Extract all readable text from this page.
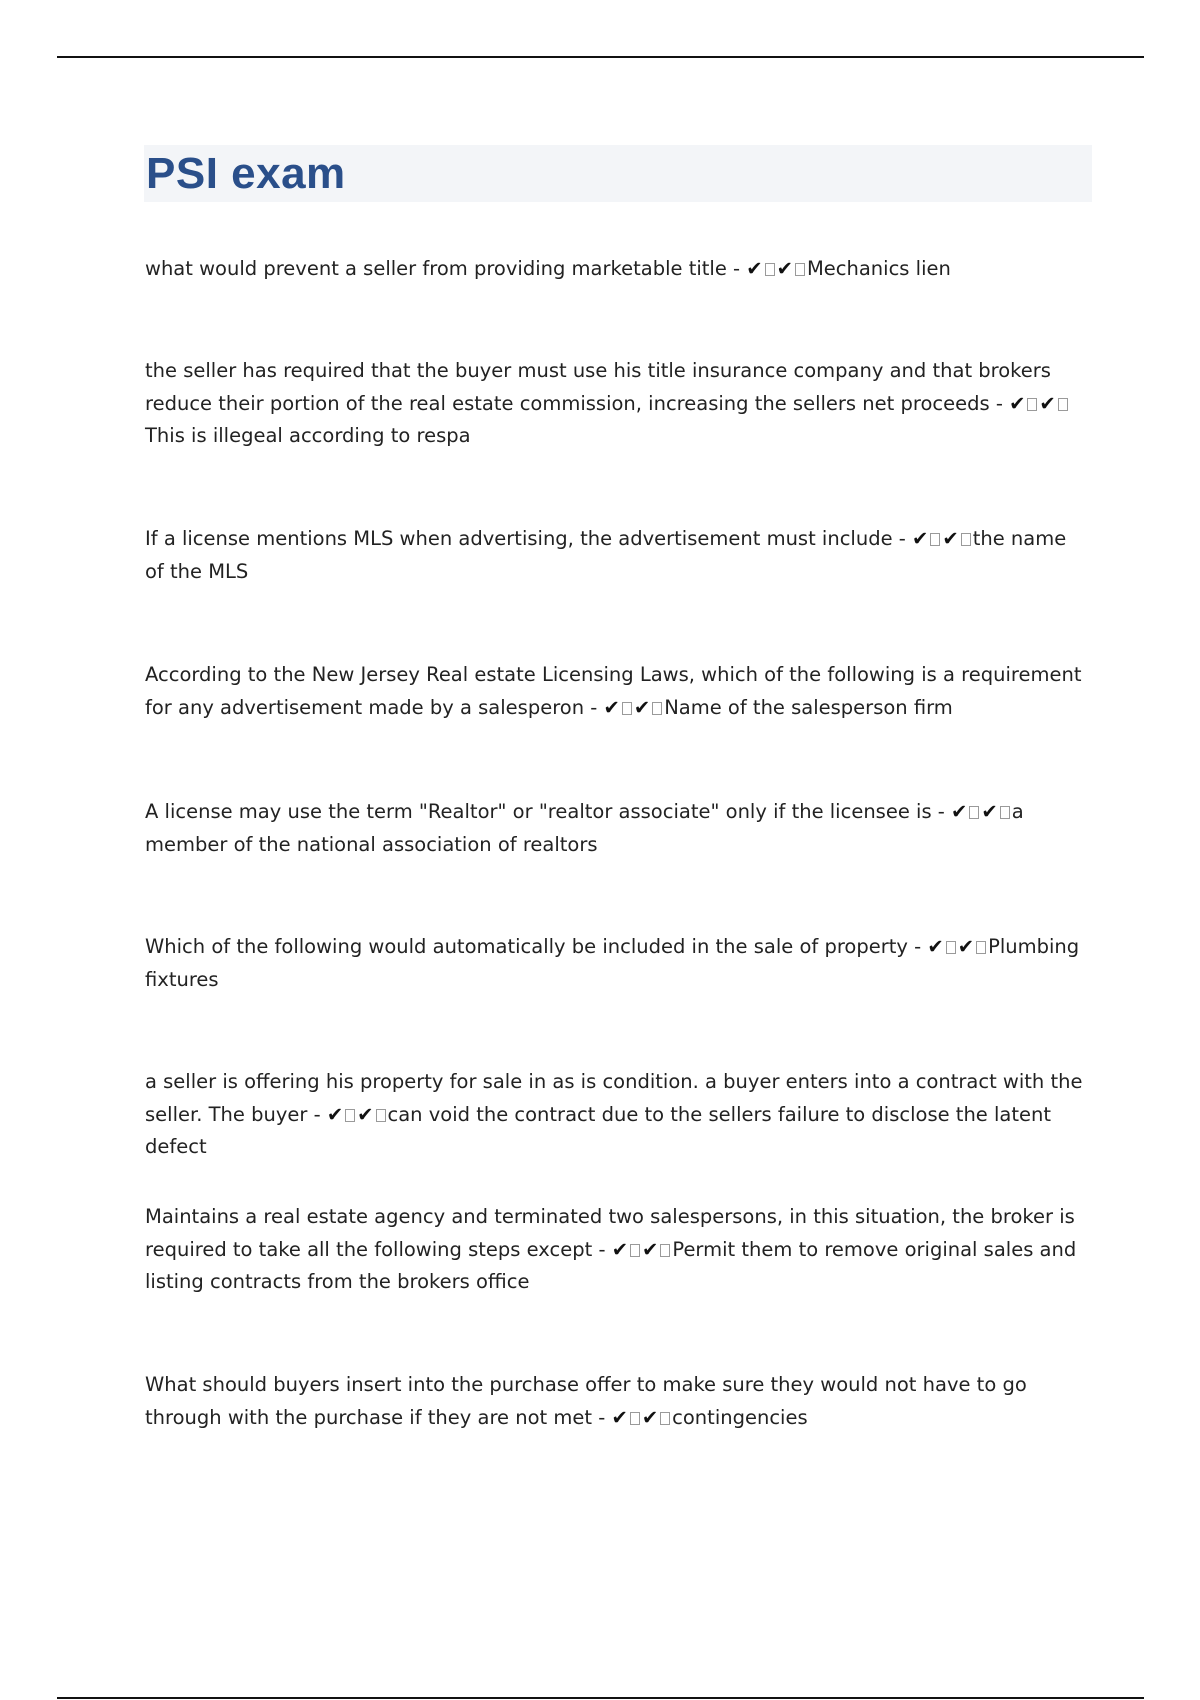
PSI exam

what would prevent a seller from providing marketable title - ✔ ✔ Mechanics lien

the seller has required that the buyer must use his title insurance company and that brokers reduce their portion of the real estate commission, increasing the sellers net proceeds - ✔ ✔This is illegeal according to respa

If a license mentions MLS when advertising, the advertisement must include - ✔ ✔ the name of the MLS

According to the New Jersey Real estate Licensing Laws, which of the following is a requirement for any advertisement made by a salesperon - ✔ ✔ Name of the salesperson firm

A license may use the term "Realtor" or "realtor associate" only if the licensee is - ✔ ✔ a member of the national association of realtors

Which of the following would automatically be included in the sale of property - ✔ ✔ Plumbing fixtures

a seller is offering his property for sale in as is condition. a buyer enters into a contract with the seller. The buyer - ✔ ✔ can void the contract due to the sellers failure to disclose the latent defect

Maintains a real estate agency and terminated two salespersons, in this situation, the broker is required to take all the following steps except - ✔ ✔ Permit them to remove original sales and listing contracts from the brokers office

What should buyers insert into the purchase offer to make sure they would not have to go through with the purchase if they are not met - ✔ ✔ contingencies
